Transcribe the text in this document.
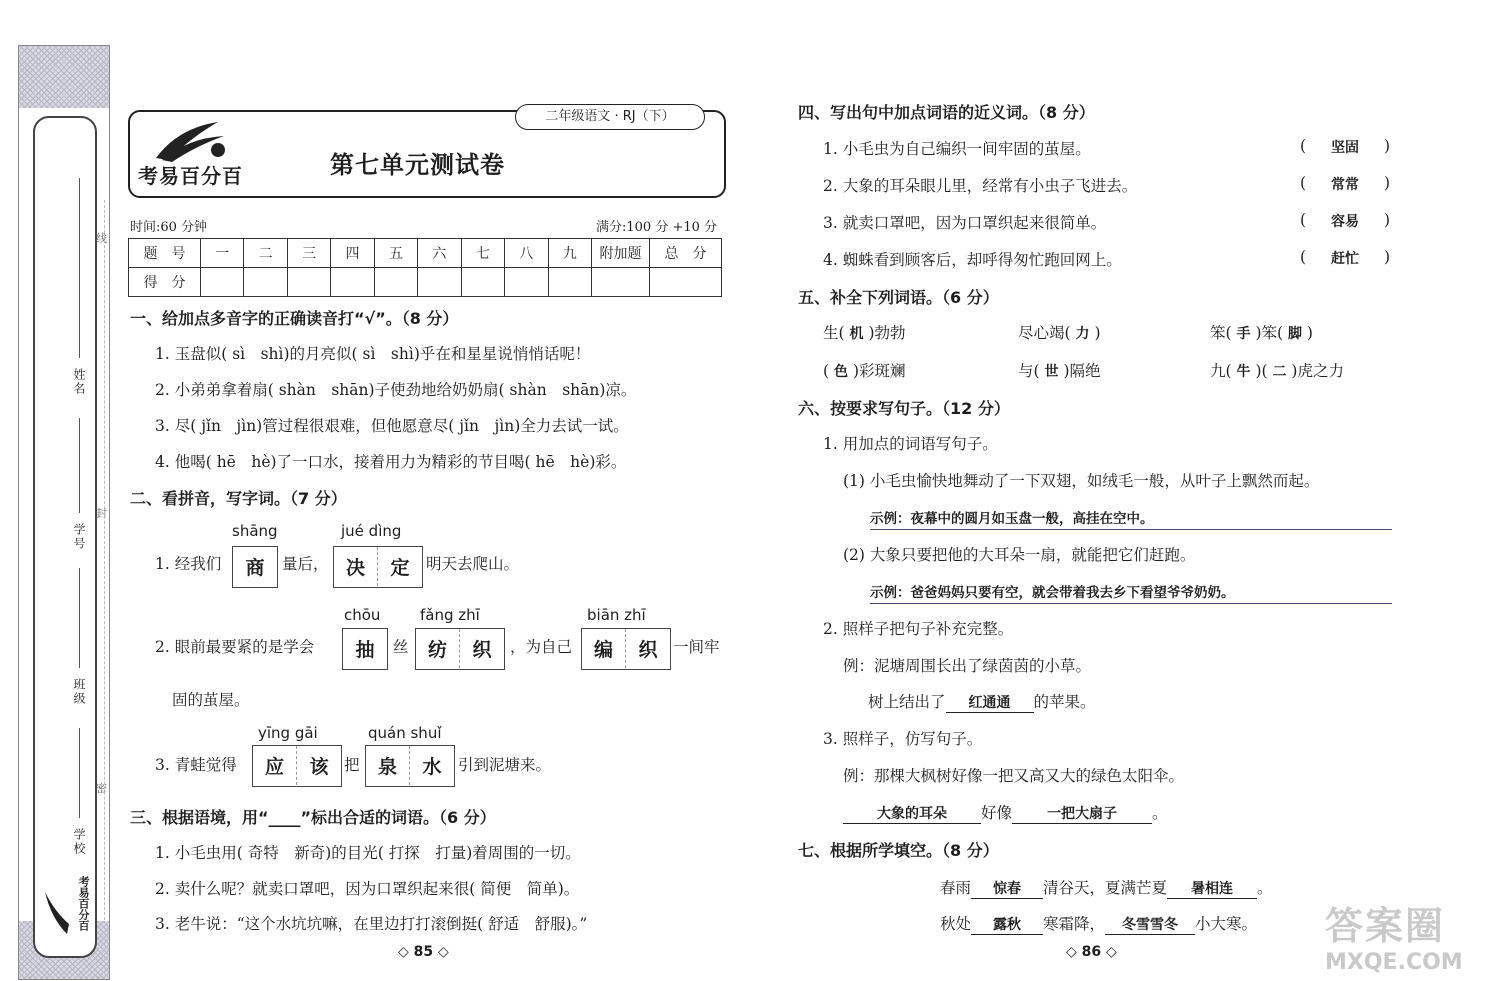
姓名
学号
班级
学校
考易百分百
线
封
密
二年级语文 · RJ（下）
考易百分百	第七单元测试卷
时间:60 分钟	满分:100 分 +10 分
题　号	一	二	三	四	五	六	七	八	九	附加题	总　分
得　分											
一、给加点多音字的正确读音打“√”。（8 分）
1. 玉盘似( sì　shì)的月亮似( sì　shì)乎在和星星说悄悄话呢！
2. 小弟弟拿着扇( shàn　shān)子使劲地给奶奶扇( shàn　shān)凉。
3. 尽( jǐn　jìn)管过程很艰难，但他愿意尽( jǐn　jìn)全力去试一试。
4. 他喝( hē　hè)了一口水，接着用力为精彩的节目喝( hē　hè)彩。
二、看拼音，写字词。（7 分）
1. 经我们
shāng
商	量后，
jué dìng
决	定	明天去爬山。
2. 眼前最要紧的是学会
chōu
抽	丝
fǎng zhī
纺	织	，为自己
biān zhī
编	织	一间牢
固的茧屋。
3. 青蛙觉得
yīng gāi
应	该	把
quán shuǐ
泉	水	引到泥塘来。
三、根据语境，用“____”标出合适的词语。（6 分）
1. 小毛虫用( 奇特　新奇)的目光( 打探　打量)着周围的一切。
2. 卖什么呢？就卖口罩吧，因为口罩织起来很( 简便　简单)。
3. 老牛说：“这个水坑坑嘛，在里边打打滚倒挺( 舒适　舒服)。”
◇ 85 ◇
四、写出句中加点词语的近义词。（8 分）
1. 小毛虫为自己编织一间牢固的茧屋。	( 坚固 )
2. 大象的耳朵眼儿里，经常有小虫子飞进去。	( 常常 )
3. 就卖口罩吧，因为口罩织起来很简单。	( 容易 )
4. 蜘蛛看到顾客后，却呼得匆忙跑回网上。	( 赶忙 )
五、补全下列词语。（6 分）
生( 机 )勃勃	尽心竭( 力 )	笨( 手 )笨( 脚 )
( 色 )彩斑斓	与( 世 )隔绝	九( 牛 )( 二 )虎之力
六、按要求写句子。（12 分）
1. 用加点的词语写句子。
(1) 小毛虫愉快地舞动了一下双翅，如绒毛一般，从叶子上飘然而起。
示例：夜幕中的圆月如玉盘一般，高挂在空中。
(2) 大象只要把他的大耳朵一扇，就能把它们赶跑。
示例：爸爸妈妈只要有空，就会带着我去乡下看望爷爷奶奶。
2. 照样子把句子补充完整。
例：泥塘周围长出了绿茵茵的小草。
树上结出了 红通通 的苹果。
3. 照样子，仿写句子。
例：那棵大枫树好像一把又高又大的绿色太阳伞。
大象的耳朵 好像	一把大扇子 。
七、根据所学填空。（8 分）
春雨 惊春 清谷天，夏满芒夏 暑相连 。
秋处 露秋 寒霜降， 冬雪雪冬 小大寒。
◇ 86 ◇
答案圈
MXQE.COM
